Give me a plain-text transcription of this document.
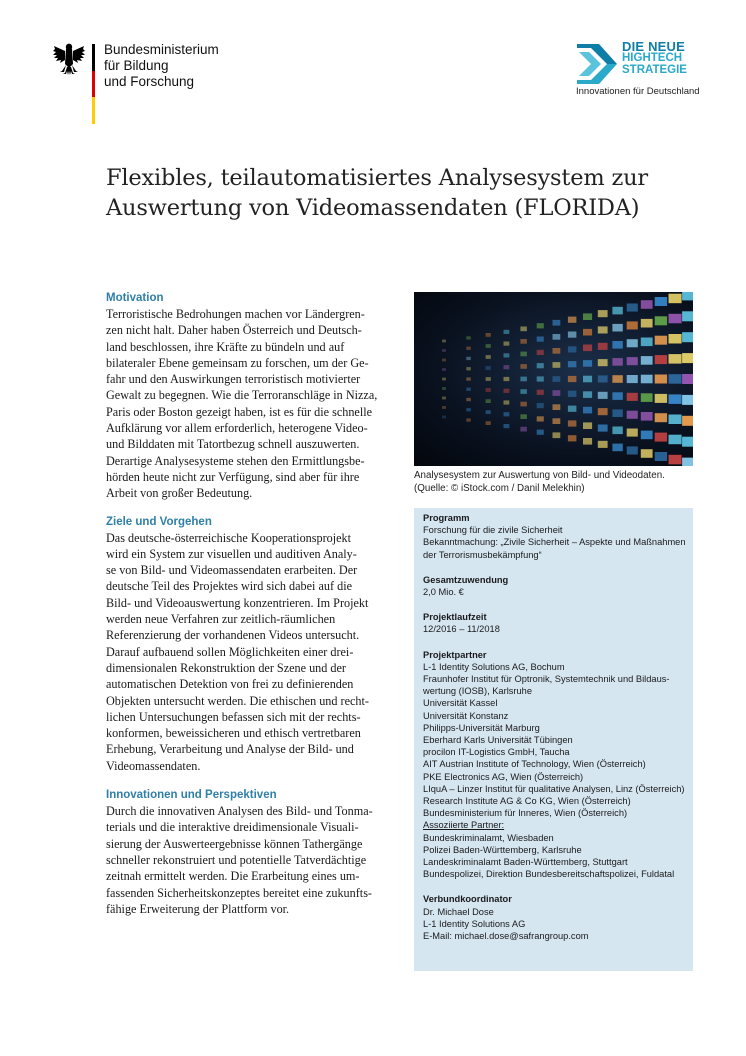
Bundesministerium
für Bildung
und Forschung
DIE NEUE
HIGHTECH
STRATEGIE
Innovationen für Deutschland
Flexibles, teilautomatisiertes Analysesystem zur
Auswertung von Videomassendaten (FLORIDA)
Motivation
Terroristische Bedrohungen machen vor Ländergren-
zen nicht halt. Daher haben Österreich und Deutsch-
land beschlossen, ihre Kräfte zu bündeln und auf
bilateraler Ebene gemeinsam zu forschen, um der Ge-
fahr und den Auswirkungen terroristisch motivierter
Gewalt zu begegnen. Wie die Terroranschläge in Nizza,
Paris oder Boston gezeigt haben, ist es für die schnelle
Aufklärung vor allem erforderlich, heterogene Video-
und Bilddaten mit Tatortbezug schnell auszuwerten.
Derartige Analysesysteme stehen den Ermittlungsbe-
hörden heute nicht zur Verfügung, sind aber für ihre
Arbeit von großer Bedeutung.
Ziele und Vorgehen
Das deutsche-österreichische Kooperationsprojekt
wird ein System zur visuellen und auditiven Analy-
se von Bild- und Videomassendaten erarbeiten. Der
deutsche Teil des Projektes wird sich dabei auf die
Bild- und Videoauswertung konzentrieren. Im Projekt
werden neue Verfahren zur zeitlich-räumlichen
Referenzierung der vorhandenen Videos untersucht.
Darauf aufbauend sollen Möglichkeiten einer drei-
dimensionalen Rekonstruktion der Szene und der
automatischen Detektion von frei zu definierenden
Objekten untersucht werden. Die ethischen und recht-
lichen Untersuchungen befassen sich mit der rechts-
konformen, beweissicheren und ethisch vertretbaren
Erhebung, Verarbeitung und Analyse der Bild- und
Videomassendaten.
Innovationen und Perspektiven
Durch die innovativen Analysen des Bild- und Tonma-
terials und die interaktive dreidimensionale Visuali-
sierung der Auswerteergebnisse können Tathergänge
schneller rekonstruiert und potentielle Tatverdächtige
zeitnah ermittelt werden. Die Erarbeitung eines um-
fassenden Sicherheitskonzeptes bereitet eine zukunfts-
fähige Erweiterung der Plattform vor.
Analysesystem zur Auswertung von Bild- und Videodaten.
(Quelle: © iStock.com / Danil Melekhin)
Programm
Forschung für die zivile Sicherheit
Bekanntmachung: „Zivile Sicherheit – Aspekte und Maßnahmen
der Terrorismusbekämpfung“
Gesamtzuwendung
2,0 Mio. €
Projektlaufzeit
12/2016 – 11/2018
Projektpartner
L-1 Identity Solutions AG, Bochum
Fraunhofer Institut für Optronik, Systemtechnik und Bildaus-
wertung (IOSB), Karlsruhe
Universität Kassel
Universität Konstanz
Philipps-Universität Marburg
Eberhard Karls Universität Tübingen
procilon IT-Logistics GmbH, Taucha
AIT Austrian Institute of Technology, Wien (Österreich)
PKE Electronics AG, Wien (Österreich)
LIquA – Linzer Institut für qualitative Analysen, Linz (Österreich)
Research Institute AG & Co KG, Wien (Österreich)
Bundesministerium für Inneres, Wien (Österreich)
Assoziierte Partner:
Bundeskriminalamt, Wiesbaden
Polizei Baden-Württemberg, Karlsruhe
Landeskriminalamt Baden-Württemberg, Stuttgart
Bundespolizei, Direktion Bundesbereitschaftspolizei, Fuldatal
Verbundkoordinator
Dr. Michael Dose
L-1 Identity Solutions AG
E-Mail: michael.dose@safrangroup.com
